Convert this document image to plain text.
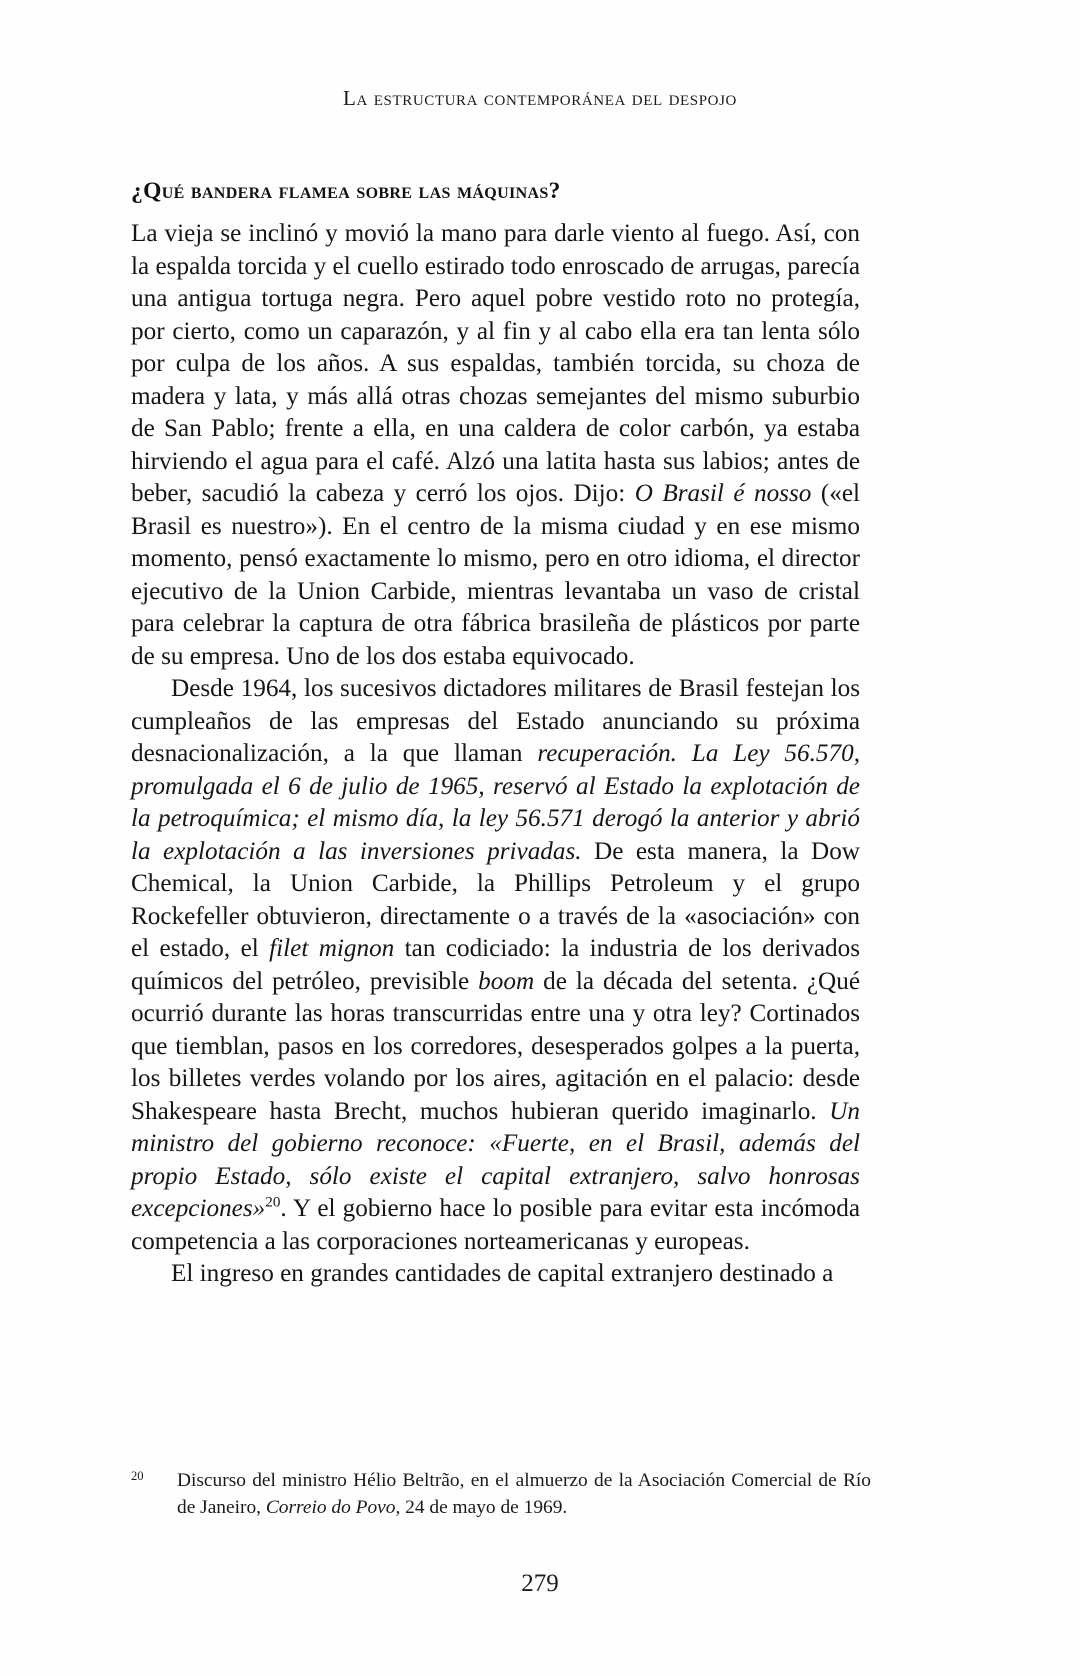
La estructura contemporánea del despojo
¿Qué bandera flamea sobre las máquinas?

La vieja se inclinó y movió la mano para darle viento al fuego. Así, con la espalda torcida y el cuello estirado todo enroscado de arrugas, parecía una antigua tortuga negra. Pero aquel pobre vestido roto no protegía, por cierto, como un caparazón, y al fin y al cabo ella era tan lenta sólo por culpa de los años. A sus espaldas, también torcida, su choza de madera y lata, y más allá otras chozas semejantes del mismo suburbio de San Pablo; frente a ella, en una caldera de color carbón, ya estaba hirviendo el agua para el café. Alzó una latita hasta sus labios; antes de beber, sacudió la cabeza y cerró los ojos. Dijo: O Brasil é nosso («el Brasil es nuestro»). En el centro de la misma ciudad y en ese mismo momento, pensó exactamente lo mismo, pero en otro idioma, el director ejecutivo de la Union Carbide, mientras levantaba un vaso de cristal para celebrar la captura de otra fábrica brasileña de plásticos por parte de su empresa. Uno de los dos estaba equivocado.

Desde 1964, los sucesivos dictadores militares de Brasil festejan los cumpleaños de las empresas del Estado anunciando su próxima desnacionalización, a la que llaman recuperación. La Ley 56.570, promulgada el 6 de julio de 1965, reservó al Estado la explotación de la petroquímica; el mismo día, la ley 56.571 derogó la anterior y abrió la explotación a las inversiones privadas. De esta manera, la Dow Chemical, la Union Carbide, la Phillips Petroleum y el grupo Rockefeller obtuvieron, directamente o a través de la «asociación» con el estado, el filet mignon tan codiciado: la industria de los derivados químicos del petróleo, previsible boom de la década del setenta. ¿Qué ocurrió durante las horas transcurridas entre una y otra ley? Cortinados que tiemblan, pasos en los corredores, desesperados golpes a la puerta, los billetes verdes volando por los aires, agitación en el palacio: desde Shakespeare hasta Brecht, muchos hubieran querido imaginarlo. Un ministro del gobierno reconoce: «Fuerte, en el Brasil, además del propio Estado, sólo existe el capital extranjero, salvo honrosas excepciones»$^{20}$. Y el gobierno hace lo posible para evitar esta incómoda competencia a las corporaciones norteamericanas y europeas.

El ingreso en grandes cantidades de capital extranjero destinado a

20 Discurso del ministro Hélio Beltrão, en el almuerzo de la Asociación Comercial de Río de Janeiro, Correio do Povo, 24 de mayo de 1969.
279
